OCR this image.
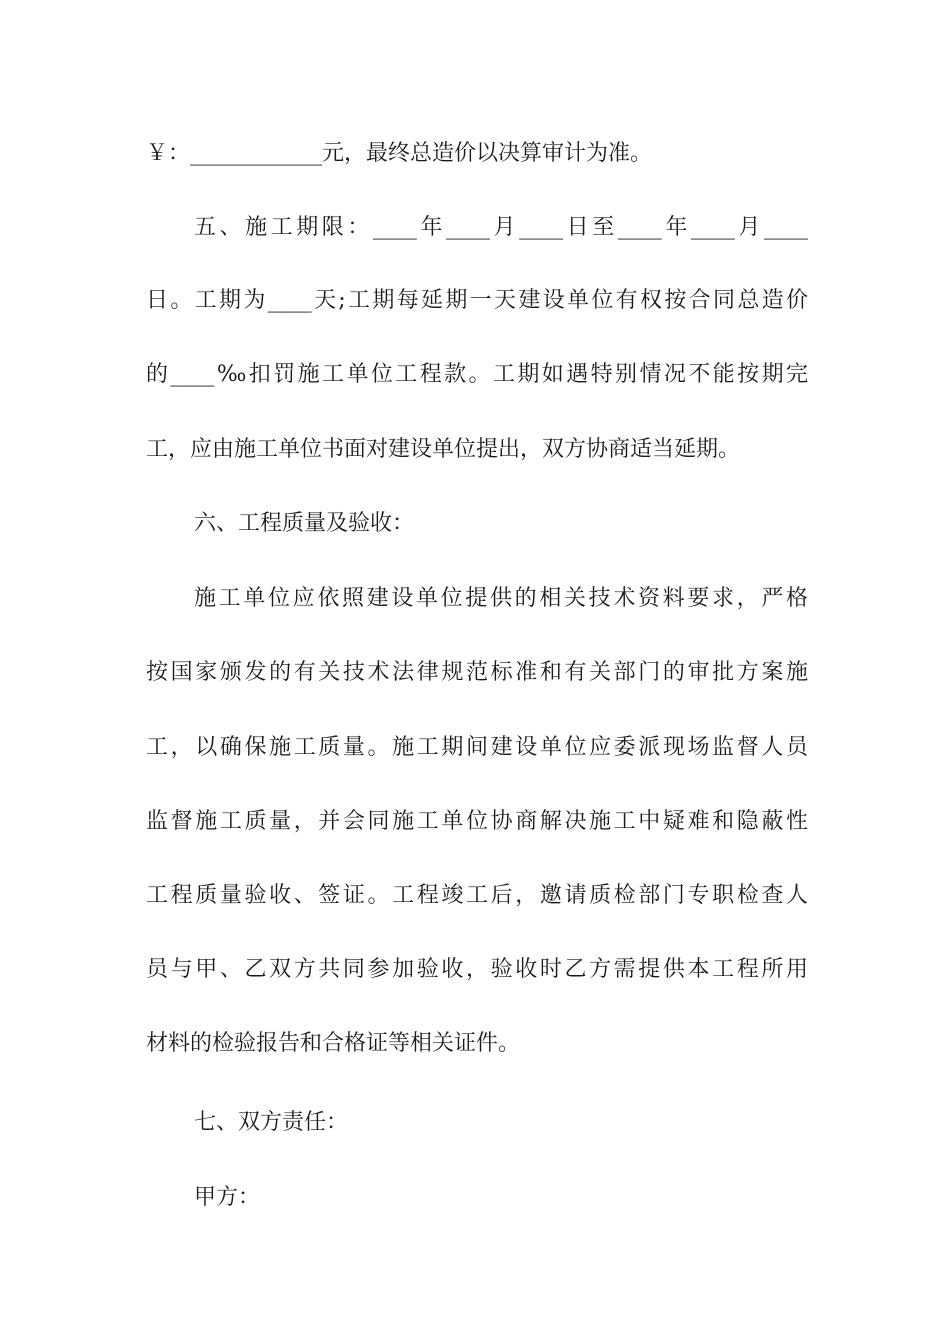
￥：____________元，最终总造价以决算审计为准。
五、施工期限：____年____月____日至____年____月____
日。工期为____天;工期每延期一天建设单位有权按合同总造价
的____‰扣罚施工单位工程款。工期如遇特别情况不能按期完
工，应由施工单位书面对建设单位提出，双方协商适当延期。
六、工程质量及验收：
施工单位应依照建设单位提供的相关技术资料要求，严格
按国家颁发的有关技术法律规范标准和有关部门的审批方案施
工，以确保施工质量。施工期间建设单位应委派现场监督人员
监督施工质量，并会同施工单位协商解决施工中疑难和隐蔽性
工程质量验收、签证。工程竣工后，邀请质检部门专职检查人
员与甲、乙双方共同参加验收，验收时乙方需提供本工程所用
材料的检验报告和合格证等相关证件。
七、双方责任：
甲方：
